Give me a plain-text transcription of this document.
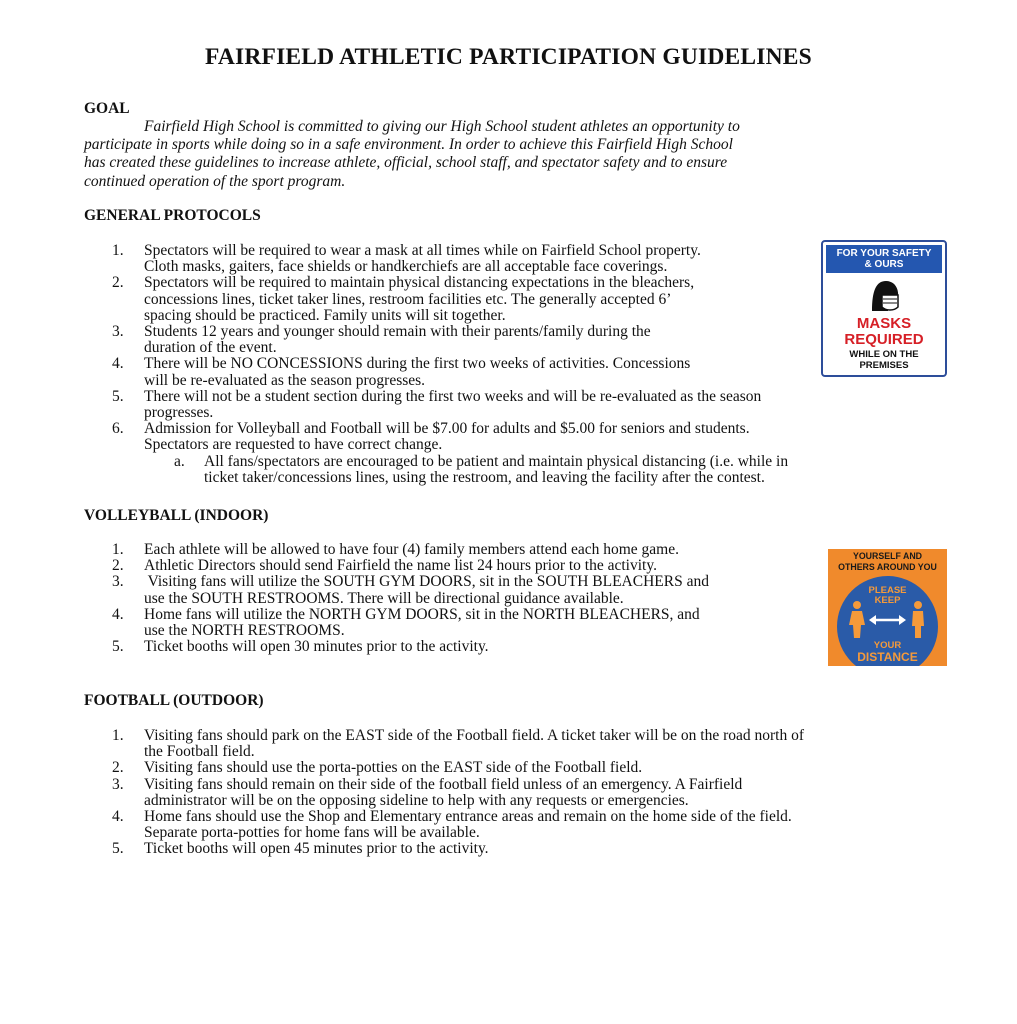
FAIRFIELD ATHLETIC PARTICIPATION GUIDELINES
GOAL
Fairfield High School is committed to giving our High School student athletes an opportunity to
participate in sports while doing so in a safe environment. In order to achieve this Fairfield High School
has created these guidelines to increase athlete, official, school staff, and spectator safety and to ensure
continued operation of the sport program.
GENERAL PROTOCOLS
1. Spectators will be required to wear a mask at all times while on Fairfield School property.
Cloth masks, gaiters, face shields or handkerchiefs are all acceptable face coverings.
2. Spectators will be required to maintain physical distancing expectations in the bleachers,
concessions lines, ticket taker lines, restroom facilities etc. The generally accepted 6’
spacing should be practiced. Family units will sit together.
3. Students 12 years and younger should remain with their parents/family during the
duration of the event.
4. There will be NO CONCESSIONS during the first two weeks of activities. Concessions
will be re-evaluated as the season progresses.
5. There will not be a student section during the first two weeks and will be re-evaluated as the season
progresses.
6. Admission for Volleyball and Football will be $7.00 for adults and $5.00 for seniors and students.
Spectators are requested to have correct change.
a. All fans/spectators are encouraged to be patient and maintain physical distancing (i.e. while in
ticket taker/concessions lines, using the restroom, and leaving the facility after the contest.
FOR YOUR SAFETY
& OURS
MASKS
REQUIRED
WHILE ON THE
PREMISES
VOLLEYBALL (INDOOR)
1. Each athlete will be allowed to have four (4) family members attend each home game.
2. Athletic Directors should send Fairfield the name list 24 hours prior to the activity.
3. Visiting fans will utilize the SOUTH GYM DOORS, sit in the SOUTH BLEACHERS and
use the SOUTH RESTROOMS. There will be directional guidance available.
4. Home fans will utilize the NORTH GYM DOORS, sit in the NORTH BLEACHERS, and
use the NORTH RESTROOMS.
5. Ticket booths will open 30 minutes prior to the activity.
YOURSELF AND
OTHERS AROUND YOU
PLEASE
KEEP
YOUR
DISTANCE
FOOTBALL (OUTDOOR)
1. Visiting fans should park on the EAST side of the Football field. A ticket taker will be on the road north of
the Football field.
2. Visiting fans should use the porta-potties on the EAST side of the Football field.
3. Visiting fans should remain on their side of the football field unless of an emergency. A Fairfield
administrator will be on the opposing sideline to help with any requests or emergencies.
4. Home fans should use the Shop and Elementary entrance areas and remain on the home side of the field.
Separate porta-potties for home fans will be available.
5. Ticket booths will open 45 minutes prior to the activity.
